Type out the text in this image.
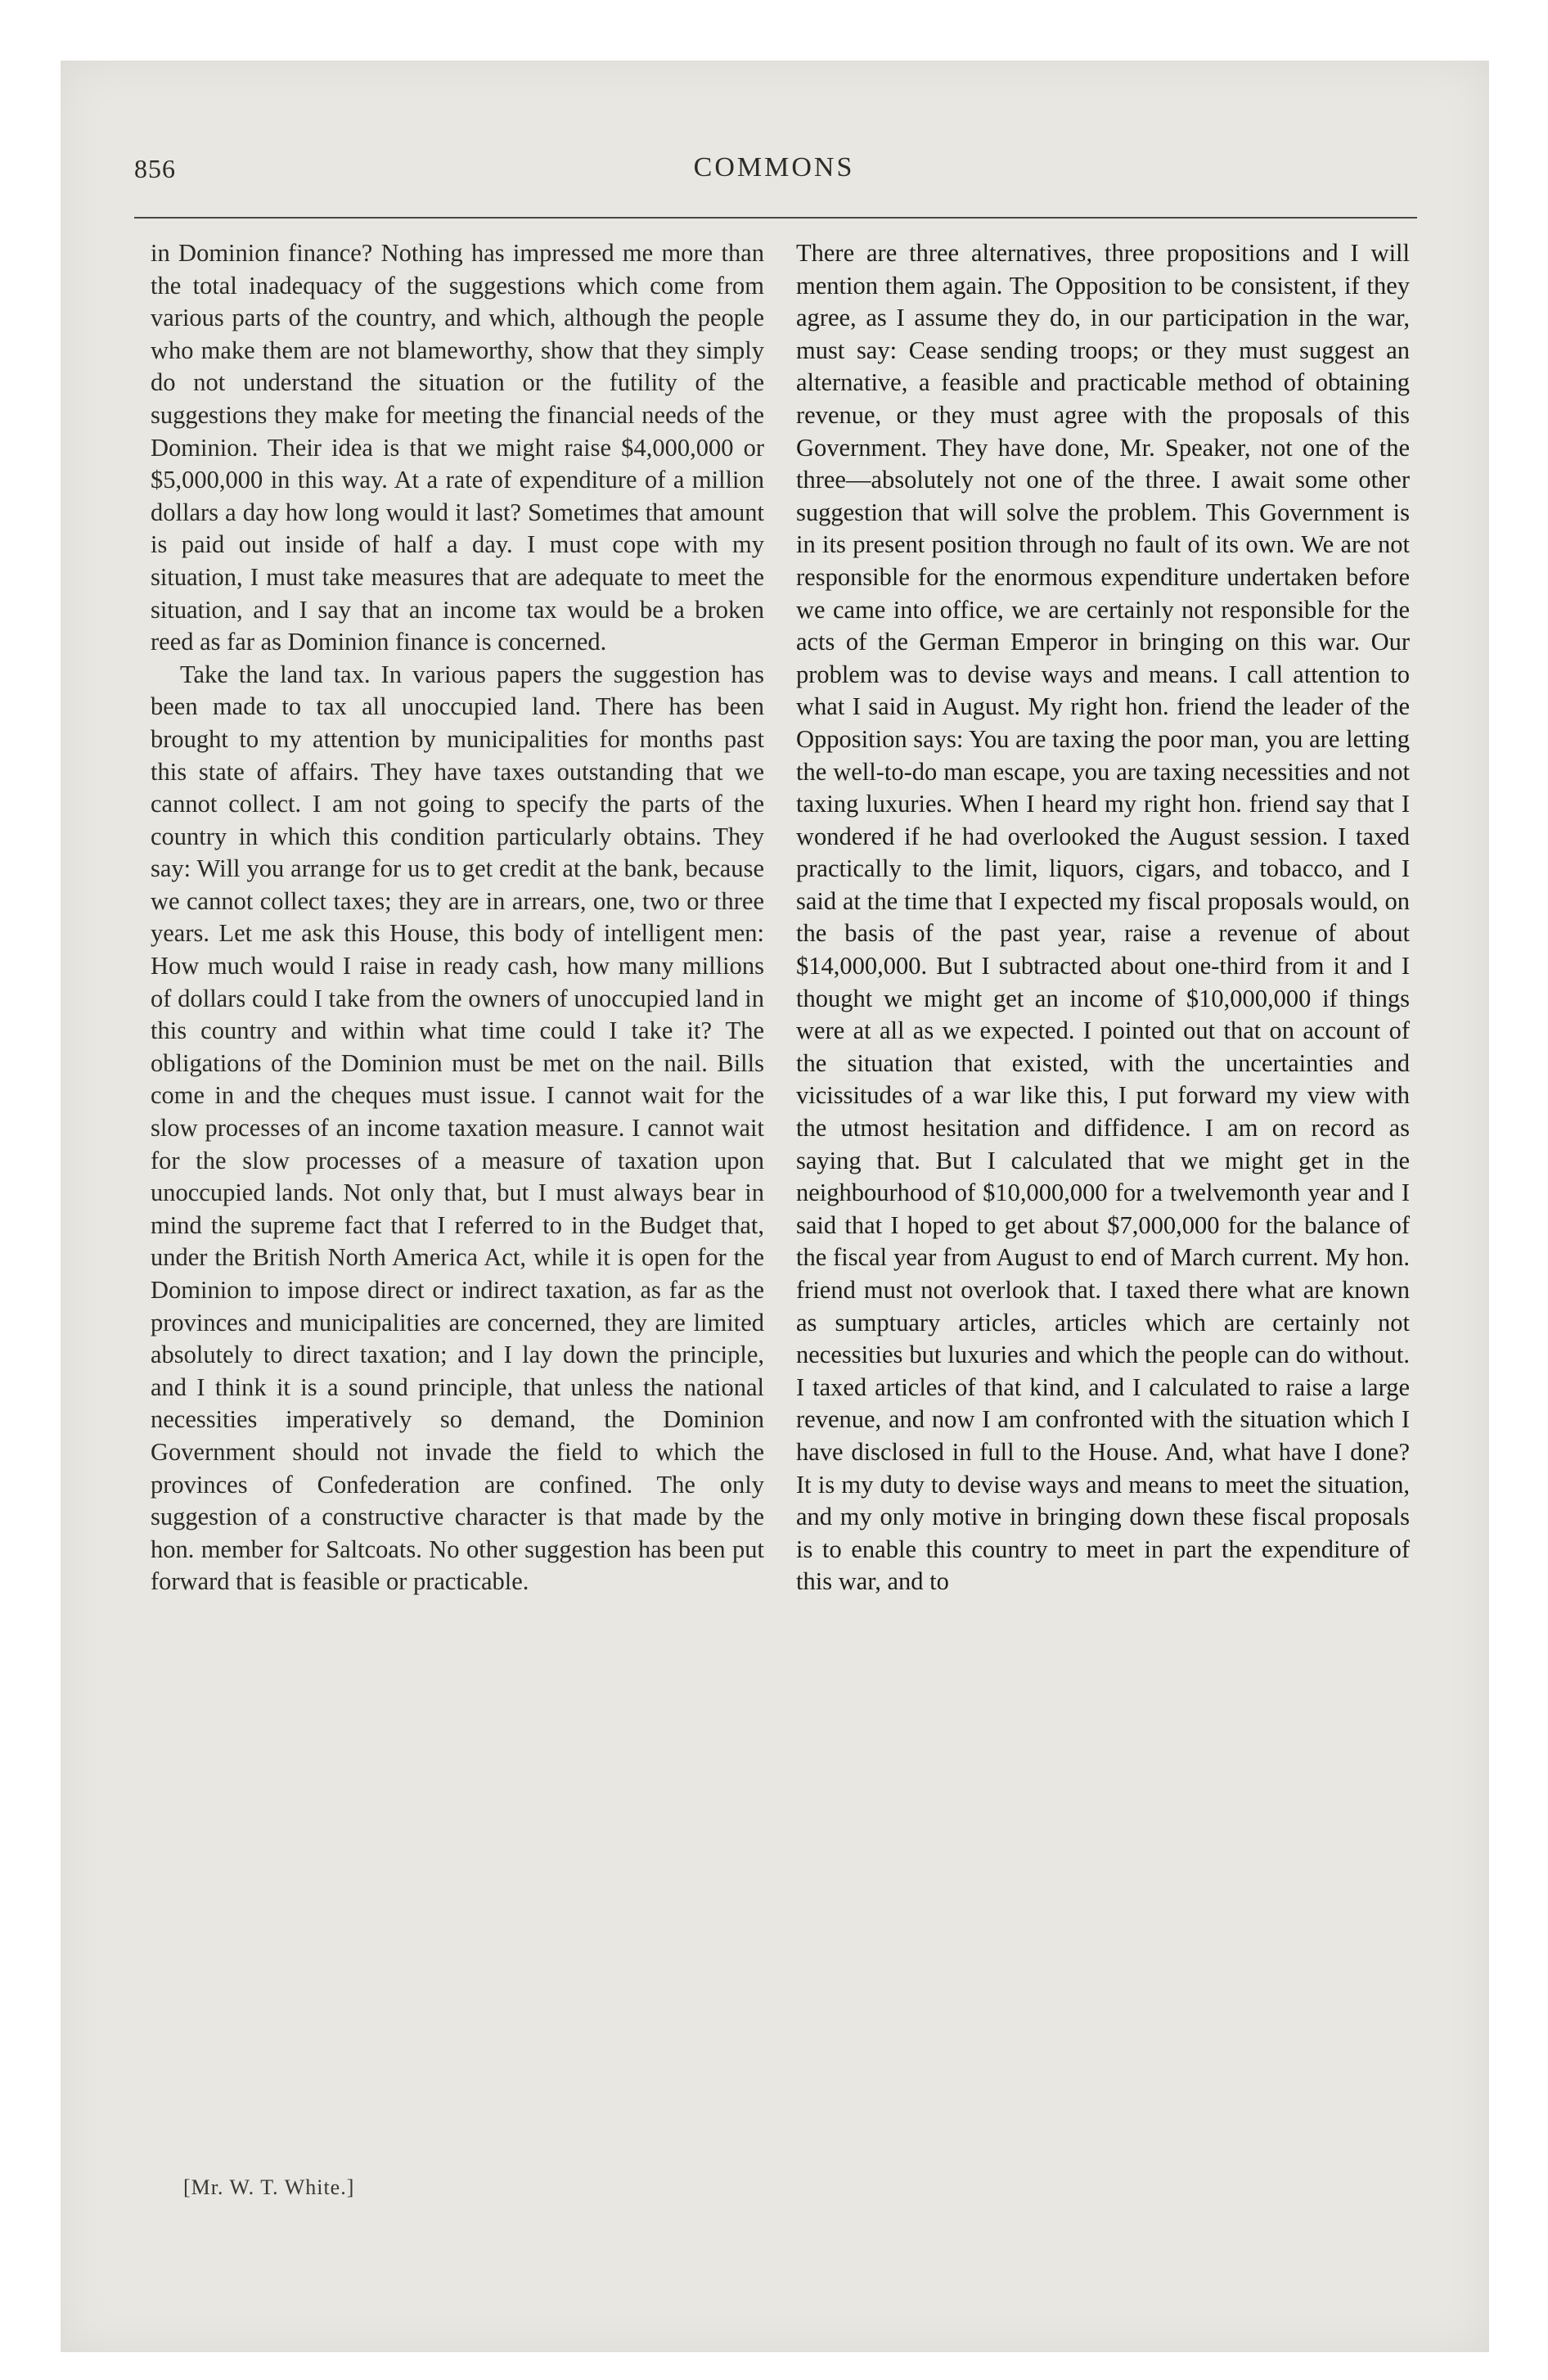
856	COMMONS

in Dominion finance? Nothing has impressed me more than the total inadequacy of the suggestions which come from various parts of the country, and which, although the people who make them are not blameworthy, show that they simply do not understand the situation or the futility of the suggestions they make for meeting the financial needs of the Dominion. Their idea is that we might raise $4,000,000 or $5,000,000 in this way. At a rate of expenditure of a million dollars a day how long would it last? Sometimes that amount is paid out inside of half a day. I must cope with my situation, I must take measures that are adequate to meet the situation, and I say that an income tax would be a broken reed as far as Dominion finance is concerned.

Take the land tax. In various papers the suggestion has been made to tax all unoccupied land. There has been brought to my attention by municipalities for months past this state of affairs. They have taxes outstanding that we cannot collect. I am not going to specify the parts of the country in which this condition particularly obtains. They say: Will you arrange for us to get credit at the bank, because we cannot collect taxes; they are in arrears, one, two or three years. Let me ask this House, this body of intelligent men: How much would I raise in ready cash, how many millions of dollars could I take from the owners of unoccupied land in this country and within what time could I take it? The obligations of the Dominion must be met on the nail. Bills come in and the cheques must issue. I cannot wait for the slow processes of an income taxation measure. I cannot wait for the slow processes of a measure of taxation upon unoccupied lands. Not only that, but I must always bear in mind the supreme fact that I referred to in the Budget that, under the British North America Act, while it is open for the Dominion to impose direct or indirect taxation, as far as the provinces and municipalities are concerned, they are limited absolutely to direct taxation; and I lay down the principle, and I think it is a sound principle, that unless the national necessities imperatively so demand, the Dominion Government should not invade the field to which the provinces of Confederation are confined. The only suggestion of a constructive character is that made by the hon. member for Saltcoats. No other suggestion has been put forward that is feasible or practicable.

There are three alternatives, three propositions and I will mention them again. The Opposition to be consistent, if they agree, as I assume they do, in our participation in the war, must say: Cease sending troops; or they must suggest an alternative, a feasible and practicable method of obtaining revenue, or they must agree with the proposals of this Government. They have done, Mr. Speaker, not one of the three—absolutely not one of the three. I await some other suggestion that will solve the problem. This Government is in its present position through no fault of its own. We are not responsible for the enormous expenditure undertaken before we came into office, we are certainly not responsible for the acts of the German Emperor in bringing on this war. Our problem was to devise ways and means. I call attention to what I said in August. My right hon. friend the leader of the Opposition says: You are taxing the poor man, you are letting the well-to-do man escape, you are taxing necessities and not taxing luxuries. When I heard my right hon. friend say that I wondered if he had overlooked the August session. I taxed practically to the limit, liquors, cigars, and tobacco, and I said at the time that I expected my fiscal proposals would, on the basis of the past year, raise a revenue of about $14,000,000. But I subtracted about one-third from it and I thought we might get an income of $10,000,000 if things were at all as we expected. I pointed out that on account of the situation that existed, with the uncertainties and vicissitudes of a war like this, I put forward my view with the utmost hesitation and diffidence. I am on record as saying that. But I calculated that we might get in the neighbourhood of $10,000,000 for a twelvemonth year and I said that I hoped to get about $7,000,000 for the balance of the fiscal year from August to end of March current. My hon. friend must not overlook that. I taxed there what are known as sumptuary articles, articles which are certainly not necessities but luxuries and which the people can do without. I taxed articles of that kind, and I calculated to raise a large revenue, and now I am confronted with the situation which I have disclosed in full to the House. And, what have I done? It is my duty to devise ways and means to meet the situation, and my only motive in bringing down these fiscal proposals is to enable this country to meet in part the expenditure of this war, and to

[Mr. W. T. White.]
